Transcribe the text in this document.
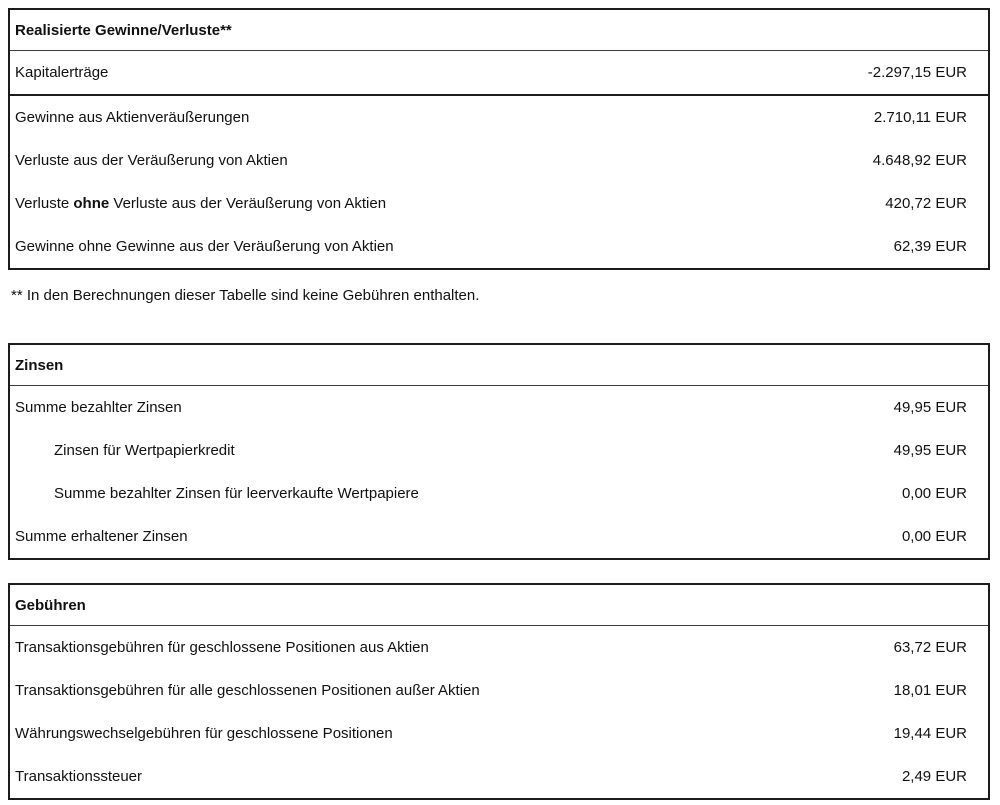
Realisierte Gewinne/Verluste**	
Kapitalerträge	-2.297,15 EUR
Gewinne aus Aktienveräußerungen	2.710,11 EUR
Verluste aus der Veräußerung von Aktien	4.648,92 EUR
Verluste ohne Verluste aus der Veräußerung von Aktien	420,72 EUR
Gewinne ohne Gewinne aus der Veräußerung von Aktien	62,39 EUR

** In den Berechnungen dieser Tabelle sind keine Gebühren enthalten.

Zinsen	
Summe bezahlter Zinsen	49,95 EUR
Zinsen für Wertpapierkredit	49,95 EUR
Summe bezahlter Zinsen für leerverkaufte Wertpapiere	0,00 EUR
Summe erhaltener Zinsen	0,00 EUR
Gebühren	
Transaktionsgebühren für geschlossene Positionen aus Aktien	63,72 EUR
Transaktionsgebühren für alle geschlossenen Positionen außer Aktien	18,01 EUR
Währungswechselgebühren für geschlossene Positionen	19,44 EUR
Transaktionssteuer	2,49 EUR
